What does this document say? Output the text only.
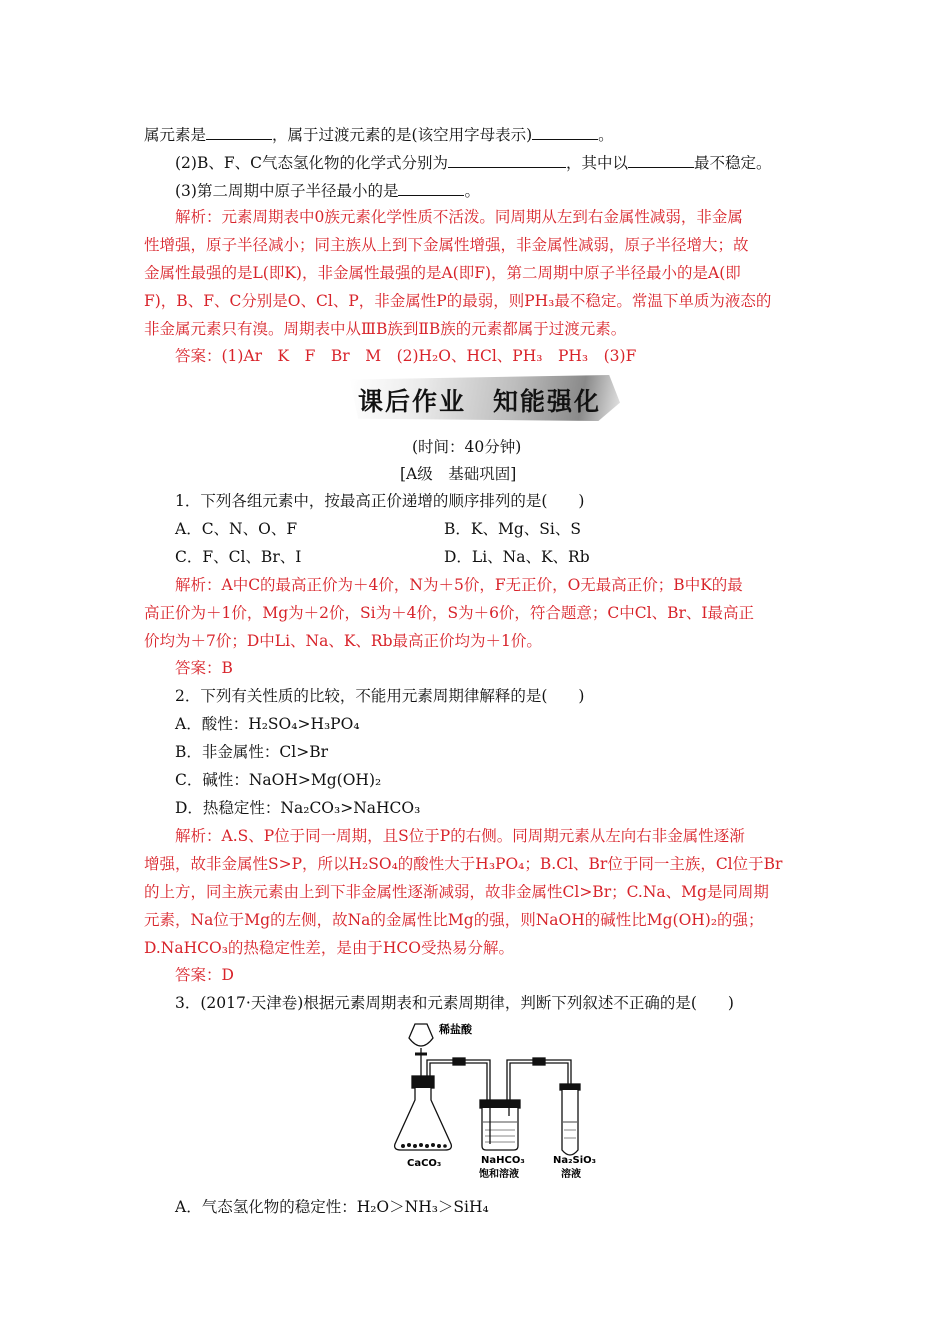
属元素是	，属于过渡元素的是(该空用字母表示)	。
(2)B、F、C气态氢化物的化学式分别为	，其中以	最不稳定。
(3)第二周期中原子半径最小的是	。
解析：元素周期表中0族元素化学性质不活泼。同周期从左到右金属性减弱，非金属
性增强，原子半径减小；同主族从上到下金属性增强，非金属性减弱，原子半径增大；故
金属性最强的是L(即K)，非金属性最强的是A(即F)，第二周期中原子半径最小的是A(即
F)，B、F、C分别是O、Cl、P，非金属性P的最弱，则PH₃最不稳定。常温下单质为液态的
非金属元素只有溴。周期表中从ⅢB族到ⅡB族的元素都属于过渡元素。
答案：(1)Ar　K　F　Br　M　(2)H₂O、HCl、PH₃　PH₃　(3)F
课后作业　知能强化
(时间：40分钟)
[A级　基础巩固]
1．下列各组元素中，按最高正价递增的顺序排列的是(　　)
A．C、N、O、F	B．K、Mg、Si、S
C．F、Cl、Br、I	D．Li、Na、K、Rb
解析：A中C的最高正价为＋4价，N为＋5价，F无正价，O无最高正价；B中K的最
高正价为＋1价，Mg为＋2价，Si为＋4价，S为＋6价，符合题意；C中Cl、Br、I最高正
价均为＋7价；D中Li、Na、K、Rb最高正价均为＋1价。
答案：B
2．下列有关性质的比较，不能用元素周期律解释的是(　　)
A．酸性：H₂SO₄>H₃PO₄
B．非金属性：Cl>Br
C．碱性：NaOH>Mg(OH)₂
D．热稳定性：Na₂CO₃>NaHCO₃
解析：A.S、P位于同一周期，且S位于P的右侧。同周期元素从左向右非金属性逐渐
增强，故非金属性S>P，所以H₂SO₄的酸性大于H₃PO₄；B.Cl、Br位于同一主族，Cl位于Br
的上方，同主族元素由上到下非金属性逐渐减弱，故非金属性Cl>Br；C.Na、Mg是同周期
元素，Na位于Mg的左侧，故Na的金属性比Mg的强，则NaOH的碱性比Mg(OH)₂的强；
D.NaHCO₃的热稳定性差，是由于HCO受热易分解。
答案：D
3．(2017·天津卷)根据元素周期表和元素周期律，判断下列叙述不正确的是(　　)
稀盐酸
CaCO₃	NaHCO₃
饱和溶液
Na₂SiO₃
溶液
A．气态氢化物的稳定性：H₂O＞NH₃＞SiH₄
